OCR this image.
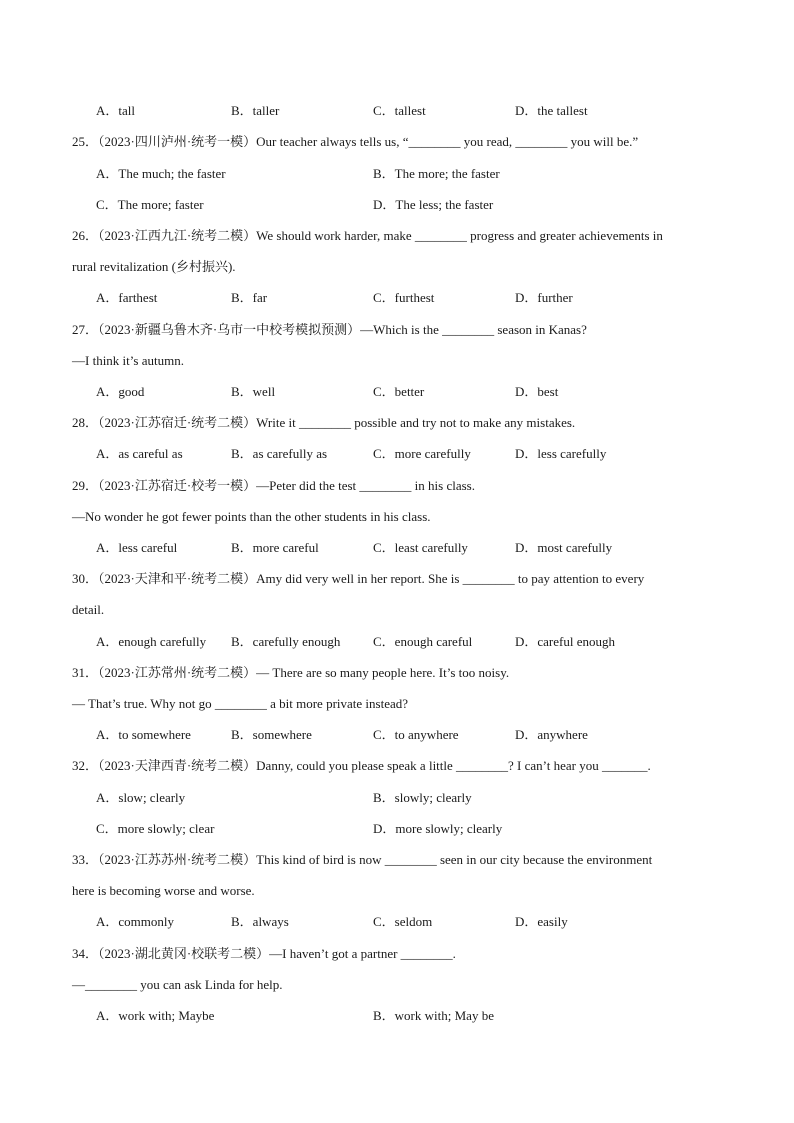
A．tall	B．taller	C．tallest	D．the tallest
25．（2023·四川泸州·统考一模）Our teacher always tells us, “________ you read, ________ you will be.”
A．The much; the faster	B．The more; the faster
C．The more; faster	D．The less; the faster
26．（2023·江西九江·统考二模）We should work harder, make ________ progress and greater achievements in
rural revitalization (乡村振兴).
A．farthest	B．far	C．furthest	D．further
27．（2023·新疆乌鲁木齐·乌市一中校考模拟预测）—Which is the ________ season in Kanas?
—I think it’s autumn.
A．good	B．well	C．better	D．best
28．（2023·江苏宿迁·统考二模）Write it ________ possible and try not to make any mistakes.
A．as careful as	B．as carefully as	C．more carefully	D．less carefully
29．（2023·江苏宿迁·校考一模）—Peter did the test ________ in his class.
—No wonder he got fewer points than the other students in his class.
A．less careful	B．more careful	C．least carefully	D．most carefully
30．（2023·天津和平·统考二模）Amy did very well in her report. She is ________ to pay attention to every
detail.
A．enough carefully B．carefully enough	C．enough careful	D．careful enough
31．（2023·江苏常州·统考二模）— There are so many people here. It’s too noisy.
— That’s true. Why not go ________ a bit more private instead?
A．to somewhere	B．somewhere	C．to anywhere	D．anywhere
32．（2023·天津西青·统考二模）Danny, could you please speak a little ________? I can’t hear you _______.
A．slow; clearly	B．slowly; clearly
C．more slowly; clear	D．more slowly; clearly
33．（2023·江苏苏州·统考二模）This kind of bird is now ________ seen in our city because the environment
here is becoming worse and worse.
A．commonly	B．always	C．seldom	D．easily
34．（2023·湖北黄冈·校联考二模）—I haven’t got a partner ________.
—________ you can ask Linda for help.
A．work with; Maybe	B．work with; May be
